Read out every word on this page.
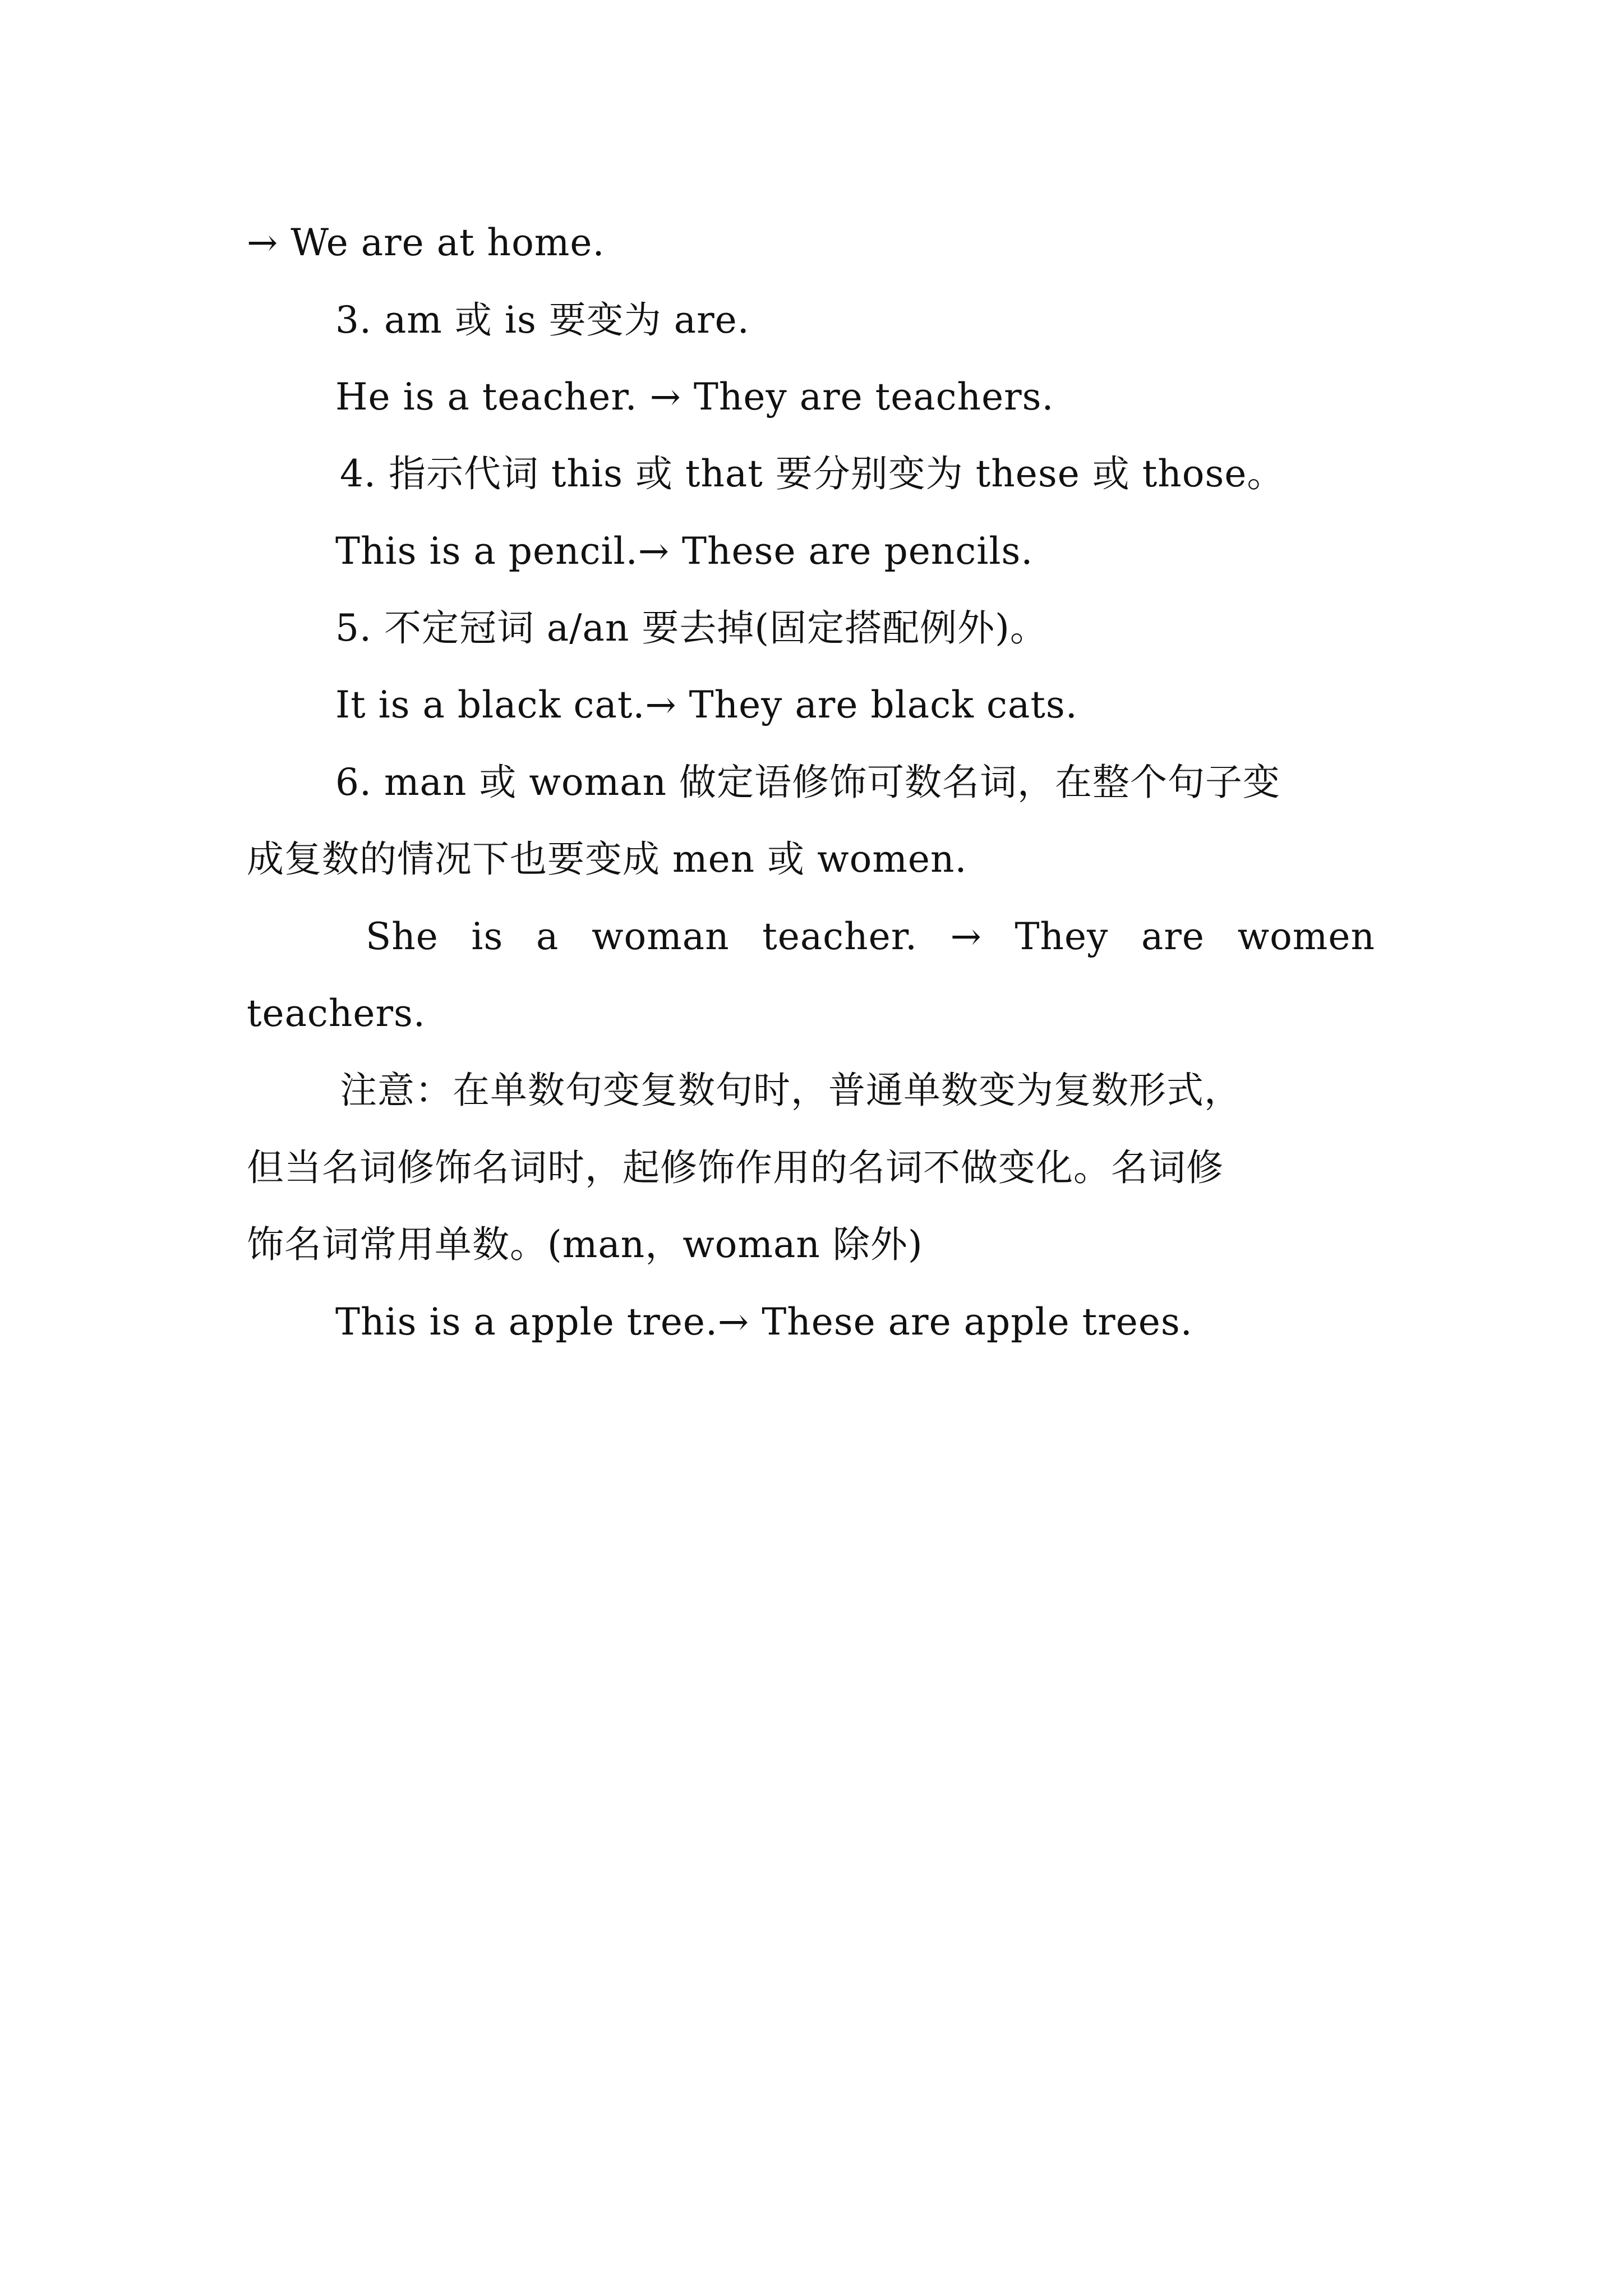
→ We are at home.
3. am 或 is 要变为 are.
He is a teacher. → They are teachers.
4. 指示代词 this 或 that 要分别变为 these 或 those。
This is a pencil.→ These are pencils.
5. 不定冠词 a/an 要去掉(固定搭配例外)。
It is a black cat.→ They are black cats.
6. man 或 woman 做定语修饰可数名词，在整个句子变
成复数的情况下也要变成 men 或 women.
She is a woman teacher. → They are women
teachers.
注意：在单数句变复数句时，普通单数变为复数形式，
但当名词修饰名词时，起修饰作用的名词不做变化。名词修
饰名词常用单数。(man，woman 除外)
This is a apple tree.→ These are apple trees.
